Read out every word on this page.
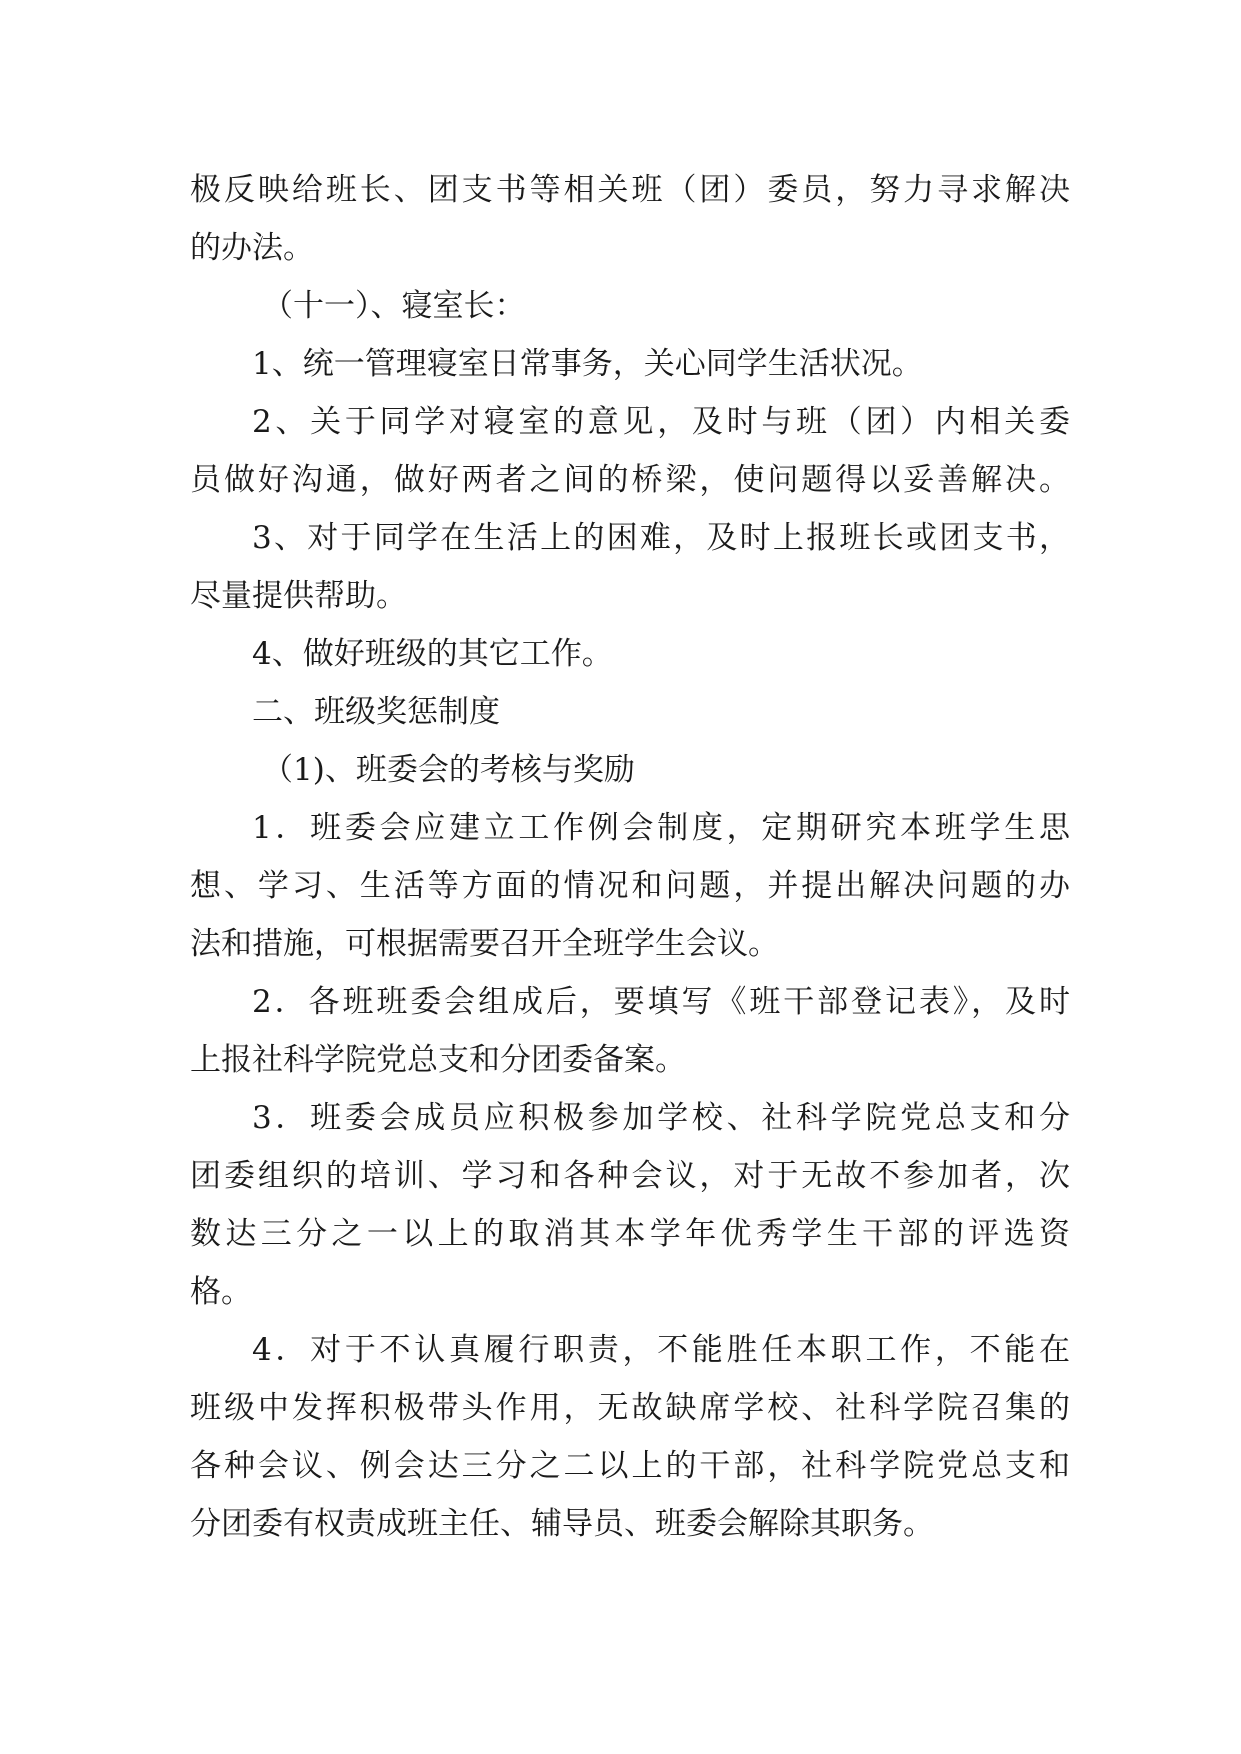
极反映给班长、团支书等相关班（团）委员，努力寻求解决
的办法。
（十一）、寝室长：
1、统一管理寝室日常事务，关心同学生活状况。
2、关于同学对寝室的意见，及时与班（团）内相关委
员做好沟通，做好两者之间的桥梁，使问题得以妥善解决。
3、对于同学在生活上的困难，及时上报班长或团支书，
尽量提供帮助。
4、做好班级的其它工作。
二、班级奖惩制度
（1)、班委会的考核与奖励
1．班委会应建立工作例会制度，定期研究本班学生思
想、学习、生活等方面的情况和问题，并提出解决问题的办
法和措施，可根据需要召开全班学生会议。
2．各班班委会组成后，要填写《班干部登记表》，及时
上报社科学院党总支和分团委备案。
3．班委会成员应积极参加学校、社科学院党总支和分
团委组织的培训、学习和各种会议，对于无故不参加者，次
数达三分之一以上的取消其本学年优秀学生干部的评选资
格。
4．对于不认真履行职责，不能胜任本职工作，不能在
班级中发挥积极带头作用，无故缺席学校、社科学院召集的
各种会议、例会达三分之二以上的干部，社科学院党总支和
分团委有权责成班主任、辅导员、班委会解除其职务。
